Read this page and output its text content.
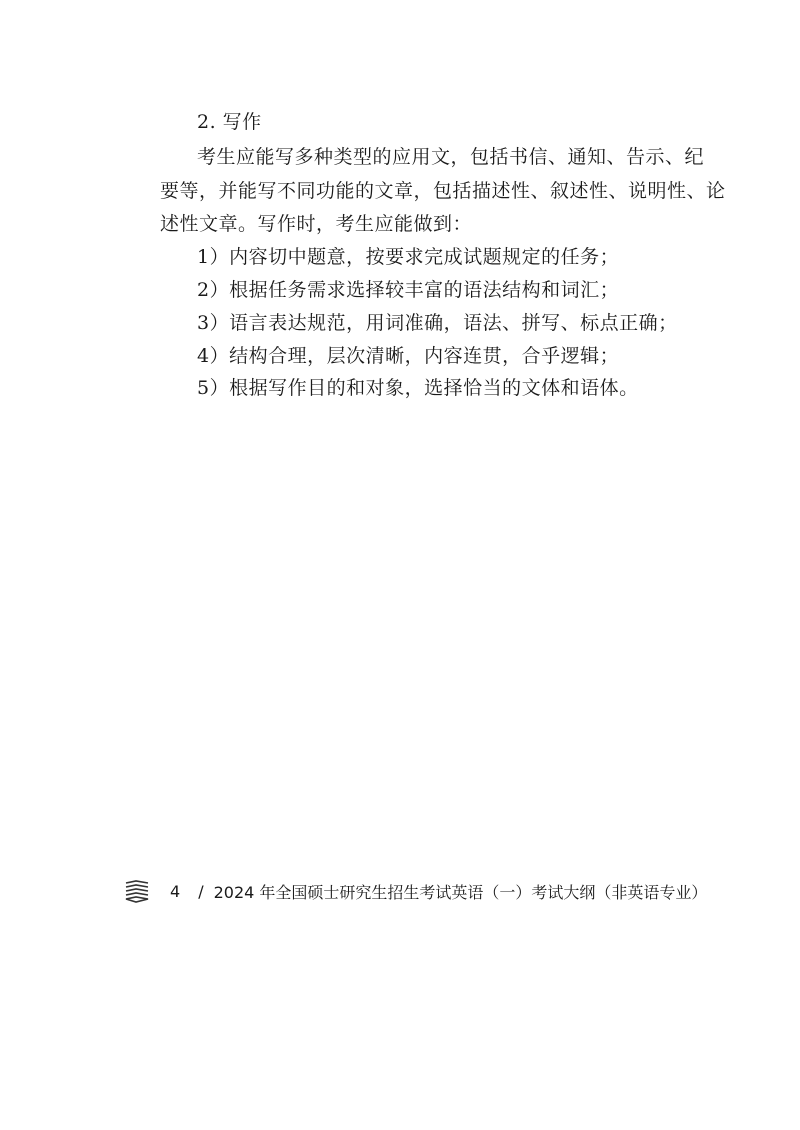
2. 写作
考生应能写多种类型的应用文，包括书信、通知、告示、纪
要等，并能写不同功能的文章，包括描述性、叙述性、说明性、论
述性文章。写作时，考生应能做到：
1）内容切中题意，按要求完成试题规定的任务；
2）根据任务需求选择较丰富的语法结构和词汇；
3）语言表达规范，用词准确，语法、拼写、标点正确；
4）结构合理，层次清晰，内容连贯，合乎逻辑；
5）根据写作目的和对象，选择恰当的文体和语体。
4 / 2024 年全国硕士研究生招生考试英语（一）考试大纲（非英语专业）
